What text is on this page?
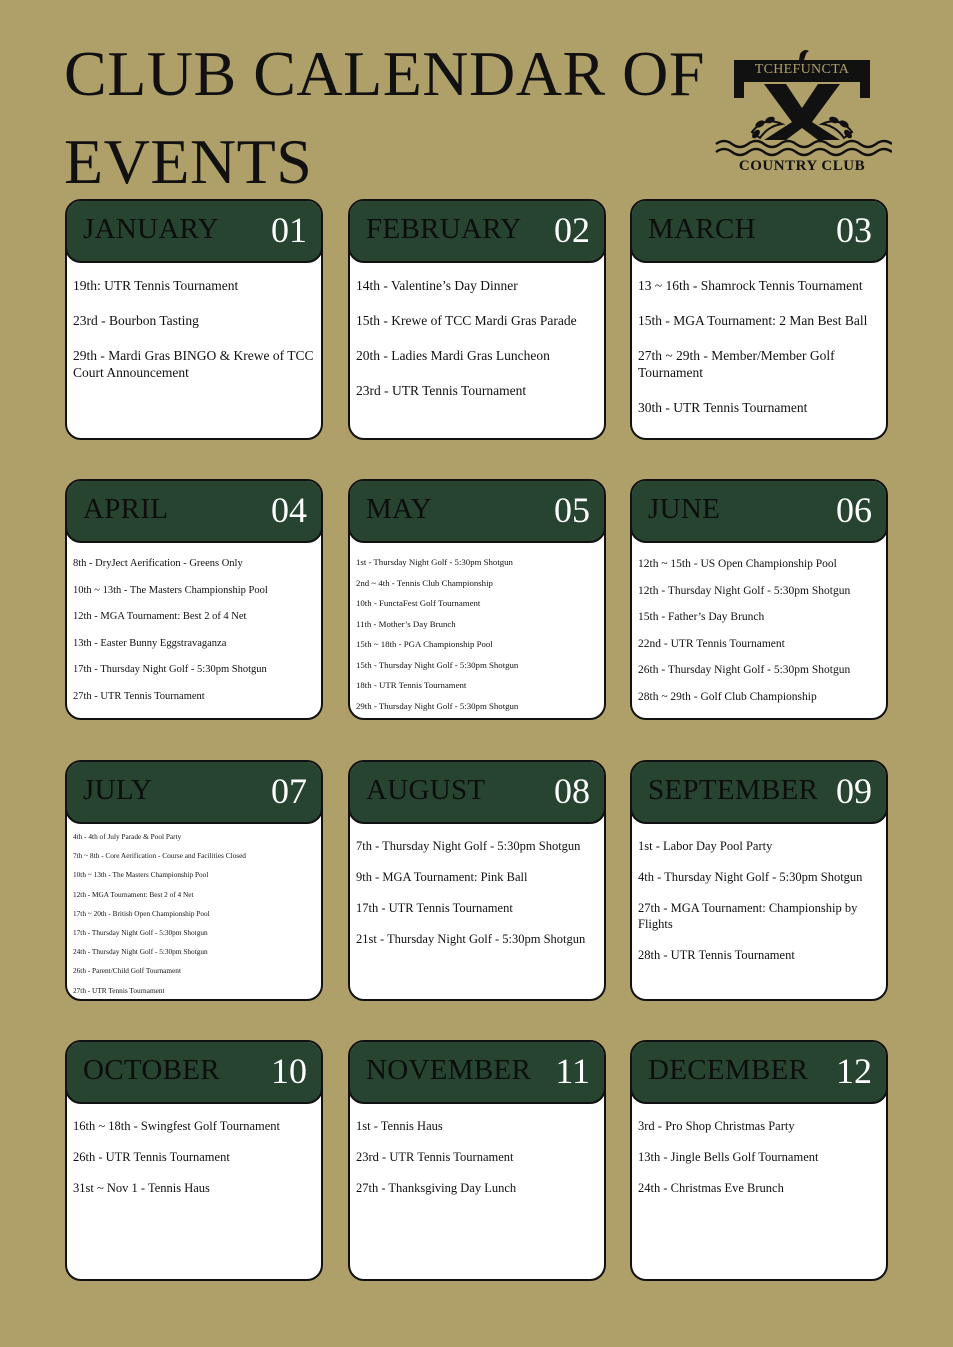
CLUB CALENDAR OF
EVENTS
TCHEFUNCTA
COUNTRY CLUB
JANUARY 01

19th: UTR Tennis Tournament

23rd - Bourbon Tasting

29th - Mardi Gras BINGO & Krewe of TCC Court Announcement

FEBRUARY 02

14th - Valentine’s Day Dinner

15th - Krewe of TCC Mardi Gras Parade

20th - Ladies Mardi Gras Luncheon

23rd - UTR Tennis Tournament

MARCH 03

13 ~ 16th - Shamrock Tennis Tournament

15th - MGA Tournament: 2 Man Best Ball

27th ~ 29th - Member/Member Golf Tournament

30th - UTR Tennis Tournament

APRIL	04

8th - DryJect Aerification - Greens Only

10th ~ 13th - The Masters Championship Pool

12th - MGA Tournament: Best 2 of 4 Net

13th - Easter Bunny Eggstravaganza

17th - Thursday Night Golf - 5:30pm Shotgun

27th - UTR Tennis Tournament

MAY	05

1st - Thursday Night Golf - 5:30pm Shotgun

2nd ~ 4th - Tennis Club Championship

10th - FunctaFest Golf Tournament

11th - Mother’s Day Brunch

15th ~ 18th - PGA Championship Pool

15th - Thursday Night Golf - 5:30pm Shotgun

18th - UTR Tennis Tournament

29th - Thursday Night Golf - 5:30pm Shotgun

JUNE	06

12th ~ 15th - US Open Championship Pool

12th - Thursday Night Golf - 5:30pm Shotgun

15th - Father’s Day Brunch

22nd - UTR Tennis Tournament

26th - Thursday Night Golf - 5:30pm Shotgun

28th ~ 29th - Golf Club Championship

JULY	07

4th - 4th of July Parade & Pool Party

7th ~ 8th - Core Aerification - Course and Facilities Closed

10th ~ 13th - The Masters Championship Pool

12th - MGA Tournament: Best 2 of 4 Net

17th ~ 20th - British Open Championship Pool

17th - Thursday Night Golf - 5:30pm Shotgun

24th - Thursday Night Golf - 5:30pm Shotgun

26th - Parent/Child Golf Tournament

27th - UTR Tennis Tournament

AUGUST 08

7th - Thursday Night Golf - 5:30pm Shotgun

9th - MGA Tournament: Pink Ball

17th - UTR Tennis Tournament

21st - Thursday Night Golf - 5:30pm Shotgun

SEPTEMBER 09

1st - Labor Day Pool Party

4th - Thursday Night Golf - 5:30pm Shotgun

27th - MGA Tournament: Championship by Flights

28th - UTR Tennis Tournament

OCTOBER 10

16th ~ 18th - Swingfest Golf Tournament

26th - UTR Tennis Tournament

31st ~ Nov 1 - Tennis Haus

NOVEMBER 11

1st - Tennis Haus

23rd - UTR Tennis Tournament

27th - Thanksgiving Day Lunch

DECEMBER 12

3rd - Pro Shop Christmas Party

13th - Jingle Bells Golf Tournament

24th - Christmas Eve Brunch
